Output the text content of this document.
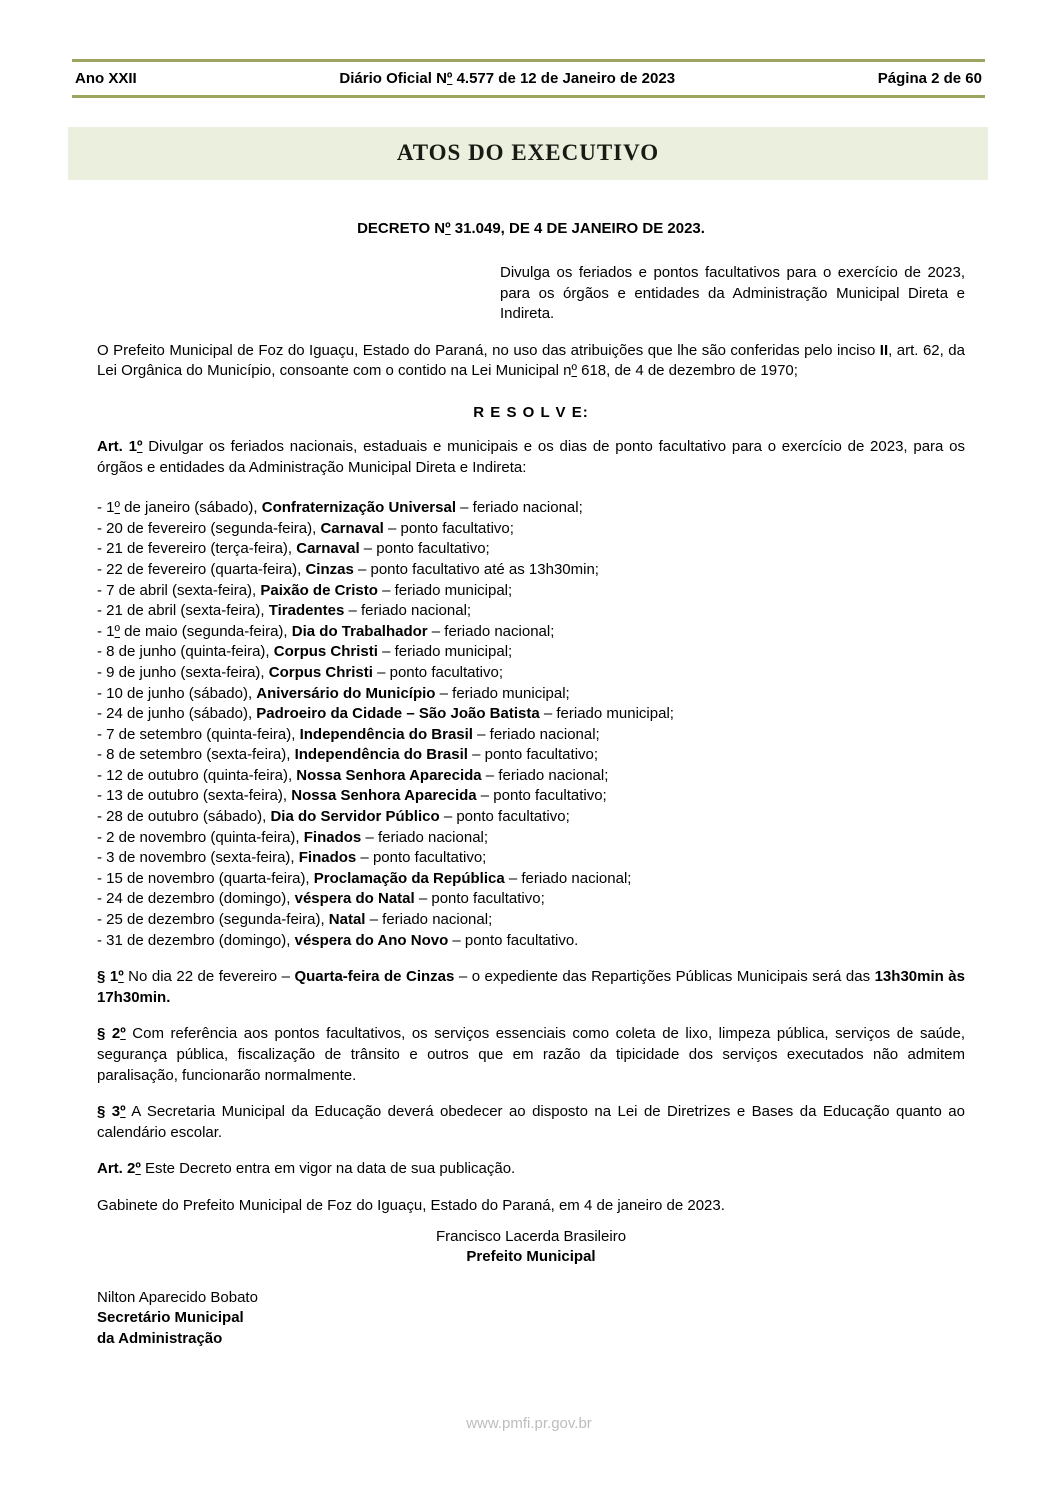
Ano XXII	Diário Oficial Nº 4.577 de 12 de Janeiro de 2023	Página 2 de 60
ATOS DO EXECUTIVO
DECRETO Nº 31.049, DE 4 DE JANEIRO DE 2023.
Divulga os feriados e pontos facultativos para o exercício de 2023, para os órgãos e entidades da Administração Municipal Direta e Indireta.

O Prefeito Municipal de Foz do Iguaçu, Estado do Paraná, no uso das atribuições que lhe são conferidas pelo inciso II, art. 62, da Lei Orgânica do Município, consoante com o contido na Lei Municipal nº 618, de 4 de dezembro de 1970;

R E S O L V E:

Art. 1º Divulgar os feriados nacionais, estaduais e municipais e os dias de ponto facultativo para o exercício de 2023, para os órgãos e entidades da Administração Municipal Direta e Indireta:

- 1º de janeiro (sábado), Confraternização Universal – feriado nacional;
- 20 de fevereiro (segunda-feira), Carnaval – ponto facultativo;
- 21 de fevereiro (terça-feira), Carnaval – ponto facultativo;
- 22 de fevereiro (quarta-feira), Cinzas – ponto facultativo até as 13h30min;
- 7 de abril (sexta-feira), Paixão de Cristo – feriado municipal;
- 21 de abril (sexta-feira), Tiradentes – feriado nacional;
- 1º de maio (segunda-feira), Dia do Trabalhador – feriado nacional;
- 8 de junho (quinta-feira), Corpus Christi – feriado municipal;
- 9 de junho (sexta-feira), Corpus Christi – ponto facultativo;
- 10 de junho (sábado), Aniversário do Município – feriado municipal;
- 24 de junho (sábado), Padroeiro da Cidade – São João Batista – feriado municipal;
- 7 de setembro (quinta-feira), Independência do Brasil – feriado nacional;
- 8 de setembro (sexta-feira), Independência do Brasil – ponto facultativo;
- 12 de outubro (quinta-feira), Nossa Senhora Aparecida – feriado nacional;
- 13 de outubro (sexta-feira), Nossa Senhora Aparecida – ponto facultativo;
- 28 de outubro (sábado), Dia do Servidor Público – ponto facultativo;
- 2 de novembro (quinta-feira), Finados – feriado nacional;
- 3 de novembro (sexta-feira), Finados – ponto facultativo;
- 15 de novembro (quarta-feira), Proclamação da República – feriado nacional;
- 24 de dezembro (domingo), véspera do Natal – ponto facultativo;
- 25 de dezembro (segunda-feira), Natal – feriado nacional;
- 31 de dezembro (domingo), véspera do Ano Novo – ponto facultativo.

§ 1º No dia 22 de fevereiro – Quarta-feira de Cinzas – o expediente das Repartições Públicas Municipais será das 13h30min às 17h30min.

§ 2º Com referência aos pontos facultativos, os serviços essenciais como coleta de lixo, limpeza pública, serviços de saúde, segurança pública, fiscalização de trânsito e outros que em razão da tipicidade dos serviços executados não admitem paralisação, funcionarão normalmente.

§ 3º A Secretaria Municipal da Educação deverá obedecer ao disposto na Lei de Diretrizes e Bases da Educação quanto ao calendário escolar.

Art. 2º Este Decreto entra em vigor na data de sua publicação.

Gabinete do Prefeito Municipal de Foz do Iguaçu, Estado do Paraná, em 4 de janeiro de 2023.

Francisco Lacerda Brasileiro
Prefeito Municipal
Nilton Aparecido Bobato
Secretário Municipal
da Administração
www.pmfi.pr.gov.br
